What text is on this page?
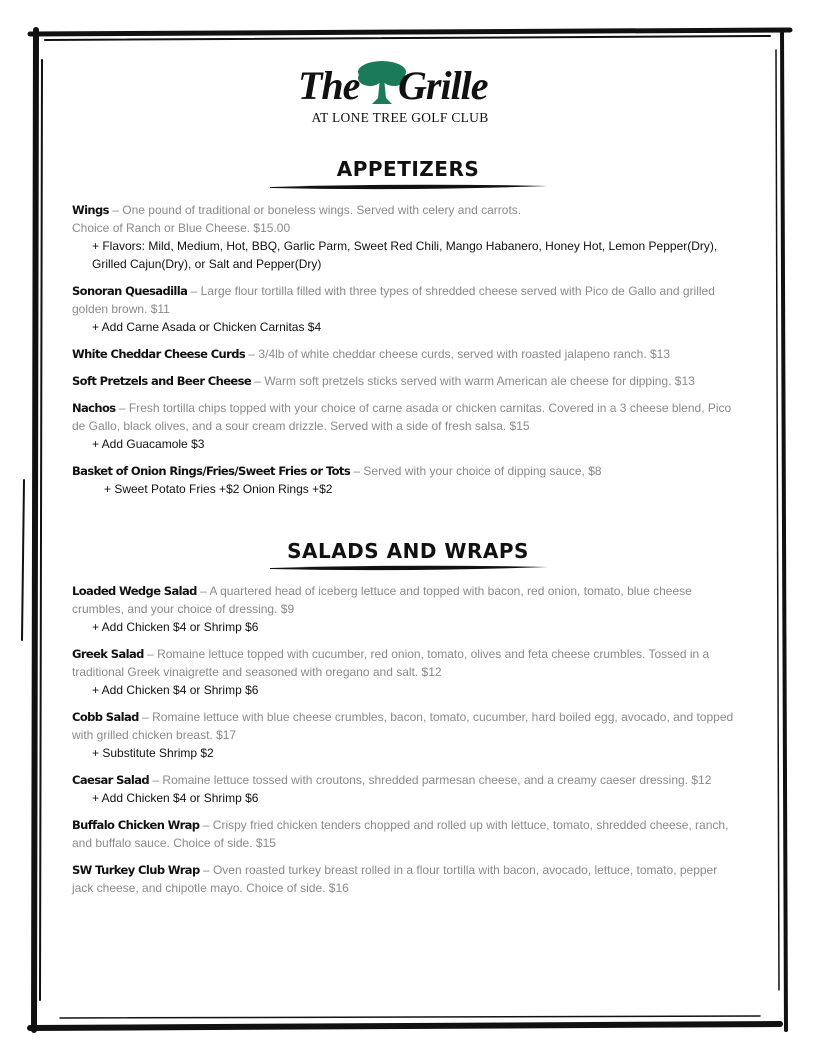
The Grille
AT LONE TREE GOLF CLUB
APPETIZERS

Wings – One pound of traditional or boneless wings. Served with celery and carrots.

Choice of Ranch or Blue Cheese. $15.00

+ Flavors: Mild, Medium, Hot, BBQ, Garlic Parm, Sweet Red Chili, Mango Habanero, Honey Hot, Lemon Pepper(Dry),
Grilled Cajun(Dry), or Salt and Pepper(Dry)

Sonoran Quesadilla – Large flour tortilla filled with three types of shredded cheese served with Pico de Gallo and grilled golden brown. $11

+ Add Carne Asada or Chicken Carnitas $4

White Cheddar Cheese Curds – 3/4lb of white cheddar cheese curds, served with roasted jalapeno ranch. $13

Soft Pretzels and Beer Cheese – Warm soft pretzels sticks served with warm American ale cheese for dipping. $13

Nachos – Fresh tortilla chips topped with your choice of carne asada or chicken carnitas. Covered in a 3 cheese blend, Pico de Gallo, black olives, and a sour cream drizzle. Served with a side of fresh salsa. $15

+ Add Guacamole $3

Basket of Onion Rings/Fries/Sweet Fries or Tots – Served with your choice of dipping sauce, $8

+ Sweet Potato Fries +$2 Onion Rings +$2
SALADS AND WRAPS

Loaded Wedge Salad – A quartered head of iceberg lettuce and topped with bacon, red onion, tomato, blue cheese crumbles, and your choice of dressing. $9

+ Add Chicken $4 or Shrimp $6

Greek Salad – Romaine lettuce topped with cucumber, red onion, tomato, olives and feta cheese crumbles. Tossed in a traditional Greek vinaigrette and seasoned with oregano and salt. $12

+ Add Chicken $4 or Shrimp $6

Cobb Salad – Romaine lettuce with blue cheese crumbles, bacon, tomato, cucumber, hard boiled egg, avocado, and topped with grilled chicken breast. $17

+ Substitute Shrimp $2

Caesar Salad – Romaine lettuce tossed with croutons, shredded parmesan cheese, and a creamy caeser dressing. $12

+ Add Chicken $4 or Shrimp $6

Buffalo Chicken Wrap – Crispy fried chicken tenders chopped and rolled up with lettuce, tomato, shredded cheese, ranch, and buffalo sauce. Choice of side. $15

SW Turkey Club Wrap – Oven roasted turkey breast rolled in a flour tortilla with bacon, avocado, lettuce, tomato, pepper jack cheese, and chipotle mayo. Choice of side. $16
